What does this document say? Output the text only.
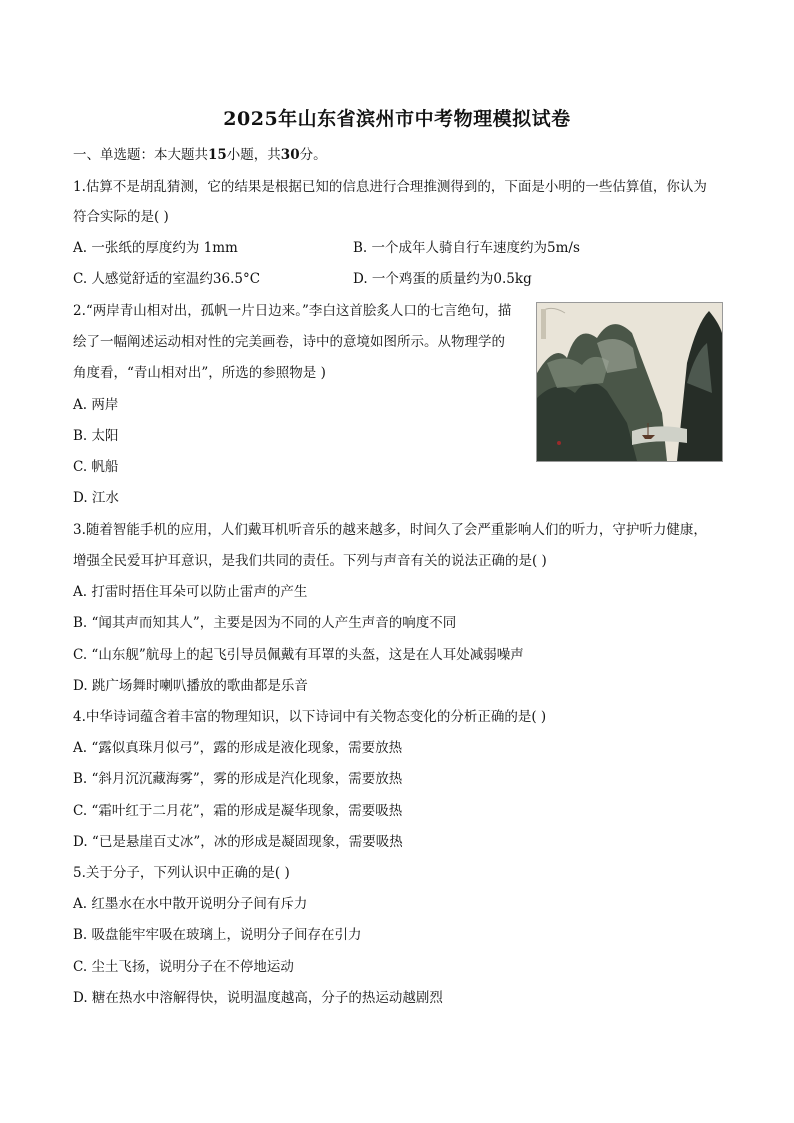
2025年山东省滨州市中考物理模拟试卷
一、单选题：本大题共15小题，共30分。
1.估算不是胡乱猜测，它的结果是根据已知的信息进行合理推测得到的，下面是小明的一些估算值，你认为
符合实际的是( )
A. 一张纸的厚度约为 1mm	B. 一个成年人骑自行车速度约为5m/s
C. 人感觉舒适的室温约36.5°C	D. 一个鸡蛋的质量约为0.5kg
2.“两岸青山相对出，孤帆一片日边来。”李白这首脍炙人口的七言绝句，描
绘了一幅阐述运动相对性的完美画卷，诗中的意境如图所示。从物理学的
角度看，“青山相对出”，所选的参照物是 )
A. 两岸
B. 太阳
C. 帆船
D. 江水
3.随着智能手机的应用，人们戴耳机听音乐的越来越多，时间久了会严重影响人们的听力，守护听力健康，
增强全民爱耳护耳意识，是我们共同的责任。下列与声音有关的说法正确的是( )
A. 打雷时捂住耳朵可以防止雷声的产生
B. “闻其声而知其人”，主要是因为不同的人产生声音的响度不同
C. “山东舰”航母上的起飞引导员佩戴有耳罩的头盔，这是在人耳处减弱噪声
D. 跳广场舞时喇叭播放的歌曲都是乐音
4.中华诗词蕴含着丰富的物理知识，以下诗词中有关物态变化的分析正确的是( )
A. “露似真珠月似弓”，露的形成是液化现象，需要放热
B. “斜月沉沉藏海雾”，雾的形成是汽化现象，需要放热
C. “霜叶红于二月花”，霜的形成是凝华现象，需要吸热
D. “已是悬崖百丈冰”，冰的形成是凝固现象，需要吸热
5.关于分子，下列认识中正确的是( )
A. 红墨水在水中散开说明分子间有斥力
B. 吸盘能牢牢吸在玻璃上，说明分子间存在引力
C. 尘土飞扬，说明分子在不停地运动
D. 糖在热水中溶解得快，说明温度越高，分子的热运动越剧烈
